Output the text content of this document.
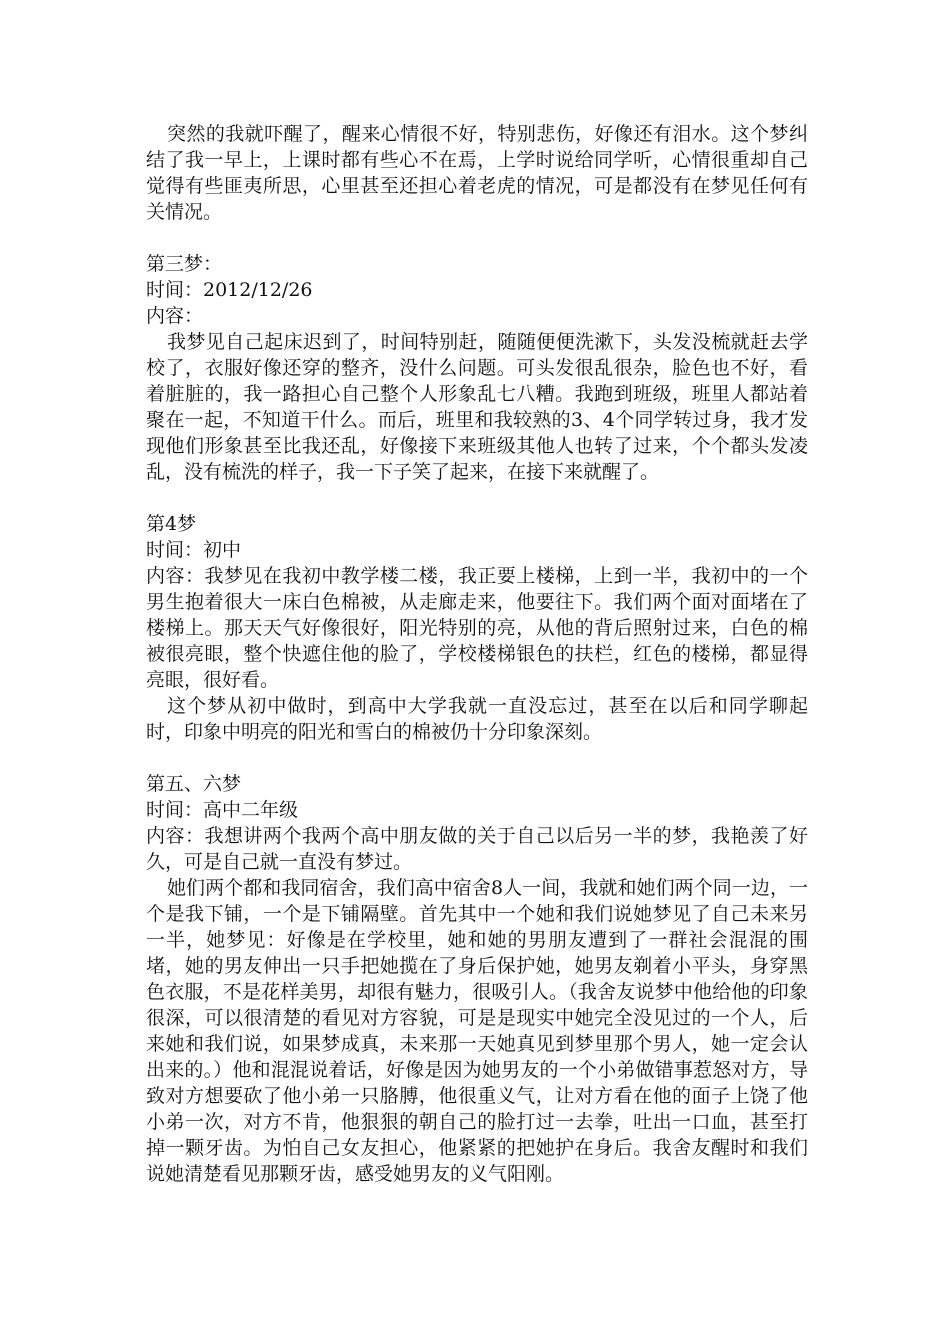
突然的我就吓醒了，醒来心情很不好，特别悲伤，好像还有泪水。这个梦纠结了我一早上，上课时都有些心不在焉，上学时说给同学听，心情很重却自己觉得有些匪夷所思，心里甚至还担心着老虎的情况，可是都没有在梦见任何有关情况。

第三梦：

时间：2012/12/26

内容：

我梦见自己起床迟到了，时间特别赶，随随便便洗漱下，头发没梳就赶去学校了，衣服好像还穿的整齐，没什么问题。可头发很乱很杂，脸色也不好，看着脏脏的，我一路担心自己整个人形象乱七八糟。我跑到班级，班里人都站着聚在一起，不知道干什么。而后，班里和我较熟的3、4个同学转过身，我才发现他们形象甚至比我还乱，好像接下来班级其他人也转了过来，个个都头发凌乱，没有梳洗的样子，我一下子笑了起来，在接下来就醒了。

第4梦

时间：初中

内容：我梦见在我初中教学楼二楼，我正要上楼梯，上到一半，我初中的一个男生抱着很大一床白色棉被，从走廊走来，他要往下。我们两个面对面堵在了楼梯上。那天天气好像很好，阳光特别的亮，从他的背后照射过来，白色的棉被很亮眼，整个快遮住他的脸了，学校楼梯银色的扶栏，红色的楼梯，都显得亮眼，很好看。

这个梦从初中做时，到高中大学我就一直没忘过，甚至在以后和同学聊起时，印象中明亮的阳光和雪白的棉被仍十分印象深刻。

第五、六梦

时间：高中二年级

内容：我想讲两个我两个高中朋友做的关于自己以后另一半的梦，我艳羡了好久，可是自己就一直没有梦过。

她们两个都和我同宿舍，我们高中宿舍8人一间，我就和她们两个同一边，一个是我下铺，一个是下铺隔壁。首先其中一个她和我们说她梦见了自己未来另一半，她梦见：好像是在学校里，她和她的男朋友遭到了一群社会混混的围堵，她的男友伸出一只手把她揽在了身后保护她，她男友剃着小平头，身穿黑色衣服，不是花样美男，却很有魅力，很吸引人。（我舍友说梦中他给他的印象很深，可以很清楚的看见对方容貌，可是是现实中她完全没见过的一个人，后来她和我们说，如果梦成真，未来那一天她真见到梦里那个男人，她一定会认出来的。）他和混混说着话，好像是因为她男友的一个小弟做错事惹怒对方，导致对方想要砍了他小弟一只胳膊，他很重义气，让对方看在他的面子上饶了他小弟一次，对方不肯，他狠狠的朝自己的脸打过一去拳，吐出一口血，甚至打掉一颗牙齿。为怕自己女友担心，他紧紧的把她护在身后。我舍友醒时和我们说她清楚看见那颗牙齿，感受她男友的义气阳刚。
